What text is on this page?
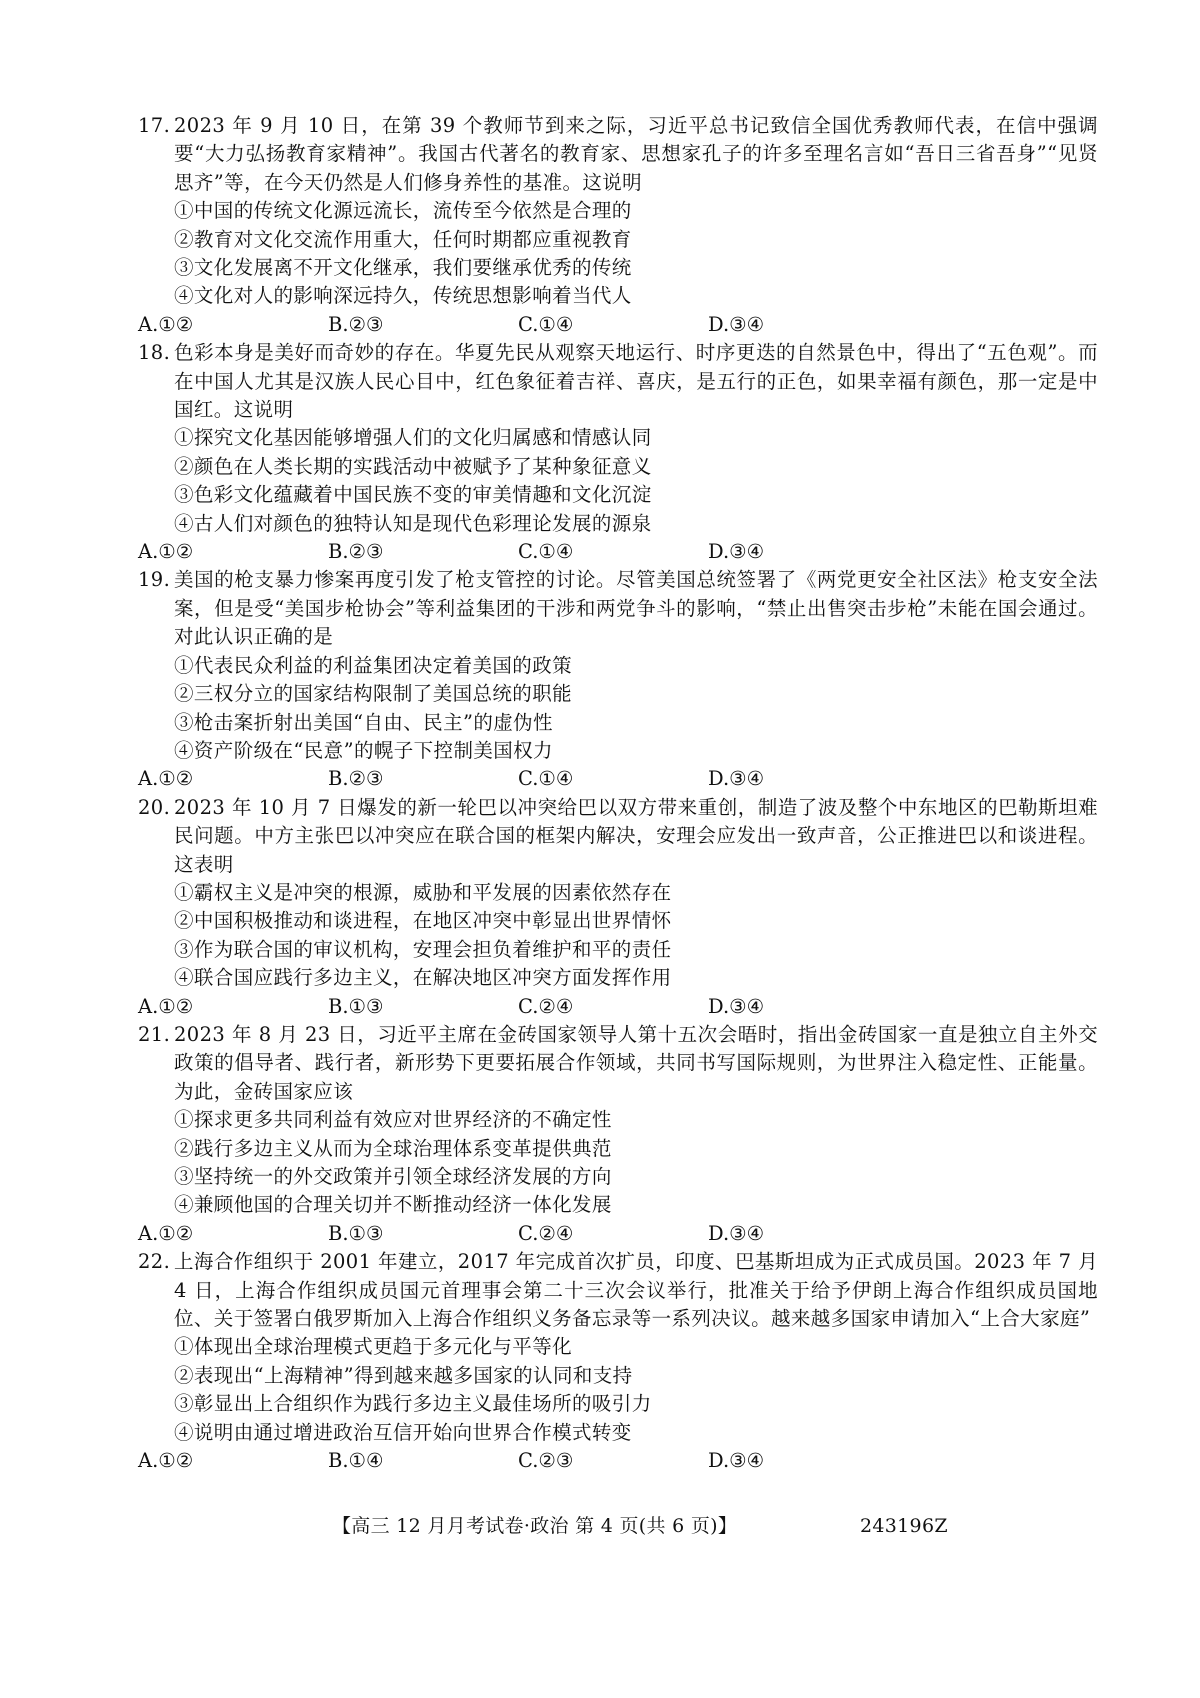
17. 2023 年 9 月 10 日，在第 39 个教师节到来之际，习近平总书记致信全国优秀教师代表，在信中强调要“大力弘扬教育家精神”。我国古代著名的教育家、思想家孔子的许多至理名言如“吾日三省吾身”“见贤思齐”等，在今天仍然是人们修身养性的基准。这说明
①中国的传统文化源远流长，流传至今依然是合理的
②教育对文化交流作用重大，任何时期都应重视教育
③文化发展离不开文化继承，我们要继承优秀的传统
④文化对人的影响深远持久，传统思想影响着当代人
A.①②	B.②③	C.①④	D.③④
18. 色彩本身是美好而奇妙的存在。华夏先民从观察天地运行、时序更迭的自然景色中，得出了“五色观”。而在中国人尤其是汉族人民心目中，红色象征着吉祥、喜庆，是五行的正色，如果幸福有颜色，那一定是中国红。这说明
①探究文化基因能够增强人们的文化归属感和情感认同
②颜色在人类长期的实践活动中被赋予了某种象征意义
③色彩文化蕴藏着中国民族不变的审美情趣和文化沉淀
④古人们对颜色的独特认知是现代色彩理论发展的源泉
A.①②	B.②③	C.①④	D.③④
19. 美国的枪支暴力惨案再度引发了枪支管控的讨论。尽管美国总统签署了《两党更安全社区法》枪支安全法案，但是受“美国步枪协会”等利益集团的干涉和两党争斗的影响，“禁止出售突击步枪”未能在国会通过。对此认识正确的是
①代表民众利益的利益集团决定着美国的政策
②三权分立的国家结构限制了美国总统的职能
③枪击案折射出美国“自由、民主”的虚伪性
④资产阶级在“民意”的幌子下控制美国权力
A.①②	B.②③	C.①④	D.③④
20. 2023 年 10 月 7 日爆发的新一轮巴以冲突给巴以双方带来重创，制造了波及整个中东地区的巴勒斯坦难民问题。中方主张巴以冲突应在联合国的框架内解决，安理会应发出一致声音，公正推进巴以和谈进程。这表明
①霸权主义是冲突的根源，威胁和平发展的因素依然存在
②中国积极推动和谈进程，在地区冲突中彰显出世界情怀
③作为联合国的审议机构，安理会担负着维护和平的责任
④联合国应践行多边主义，在解决地区冲突方面发挥作用
A.①②	B.①③	C.②④	D.③④
21. 2023 年 8 月 23 日，习近平主席在金砖国家领导人第十五次会晤时，指出金砖国家一直是独立自主外交政策的倡导者、践行者，新形势下更要拓展合作领域，共同书写国际规则，为世界注入稳定性、正能量。为此，金砖国家应该
①探求更多共同利益有效应对世界经济的不确定性
②践行多边主义从而为全球治理体系变革提供典范
③坚持统一的外交政策并引领全球经济发展的方向
④兼顾他国的合理关切并不断推动经济一体化发展
A.①②	B.①③	C.②④	D.③④
22. 上海合作组织于 2001 年建立，2017 年完成首次扩员，印度、巴基斯坦成为正式成员国。2023 年 7 月 4 日，上海合作组织成员国元首理事会第二十三次会议举行，批准关于给予伊朗上海合作组织成员国地位、关于签署白俄罗斯加入上海合作组织义务备忘录等一系列决议。越来越多国家申请加入“上合大家庭”
①体现出全球治理模式更趋于多元化与平等化
②表现出“上海精神”得到越来越多国家的认同和支持
③彰显出上合组织作为践行多边主义最佳场所的吸引力
④说明由通过增进政治互信开始向世界合作模式转变
A.①②	B.①④	C.②③	D.③④
【高三 12 月月考试卷·政治 第 4 页(共 6 页)】	243196Z
